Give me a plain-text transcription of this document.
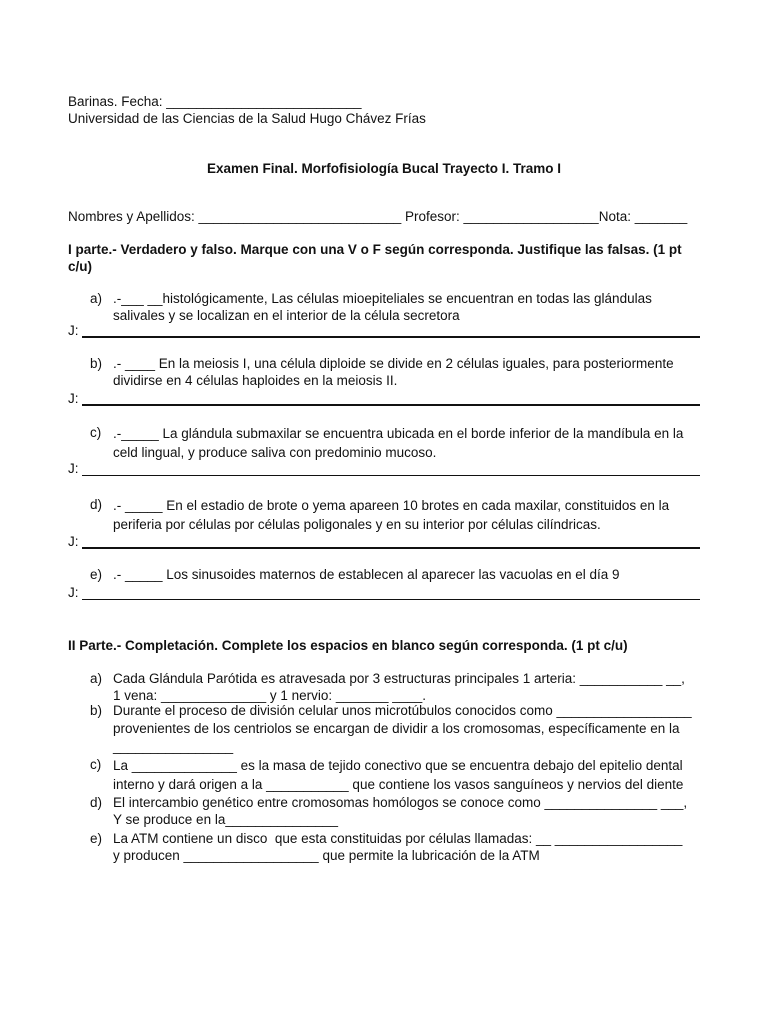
Barinas. Fecha: __________________________
Universidad de las Ciencias de la Salud Hugo Chávez Frías
Examen Final. Morfofisiología Bucal Trayecto I. Tramo I
Nombres y Apellidos: ___________________________ Profesor: __________________Nota: _______
I parte.- Verdadero y falso. Marque con una V o F según corresponda. Justifique las falsas. (1 pt
c/u)
a) .-___ __histológicamente, Las células mioepiteliales se encuentran en todas las glándulas
salivales y se localizan en el interior de la célula secretora
J:
b) .- ____ En la meiosis I, una célula diploide se divide en 2 células iguales, para posteriormente
dividirse en 4 células haploides en la meiosis II.
J:
c) .-_____ La glándula submaxilar se encuentra ubicada en el borde inferior de la mandíbula en la
celd lingual, y produce saliva con predominio mucoso.
J:
d) .- _____ En el estadio de brote o yema apareen 10 brotes en cada maxilar, constituidos en la
periferia por células por células poligonales y en su interior por células cilíndricas.
J:
e) .- _____ Los sinusoides maternos de establecen al aparecer las vacuolas en el día 9
J:
II Parte.- Completación. Complete los espacios en blanco según corresponda. (1 pt c/u)
a) Cada Glándula Parótida es atravesada por 3 estructuras principales 1 arteria: ___________ __,
1 vena: ______________ y 1 nervio: _______ ____.
b) Durante el proceso de división celular unos microtúbulos conocidos como __________________
provenientes de los centriolos se encargan de dividir a los cromosomas, específicamente en la
________________
c) La ______________ es la masa de tejido conectivo que se encuentra debajo del epitelio dental
interno y dará origen a la ___________ que contiene los vasos sanguíneos y nervios del diente
d) El intercambio genético entre cromosomas homólogos se conoce como _______________ ___,
Y se produce en la_______________
e) La ATM contiene un disco  que esta constituidas por células llamadas: __ _________________
y producen __________________ que permite la lubricación de la ATM
